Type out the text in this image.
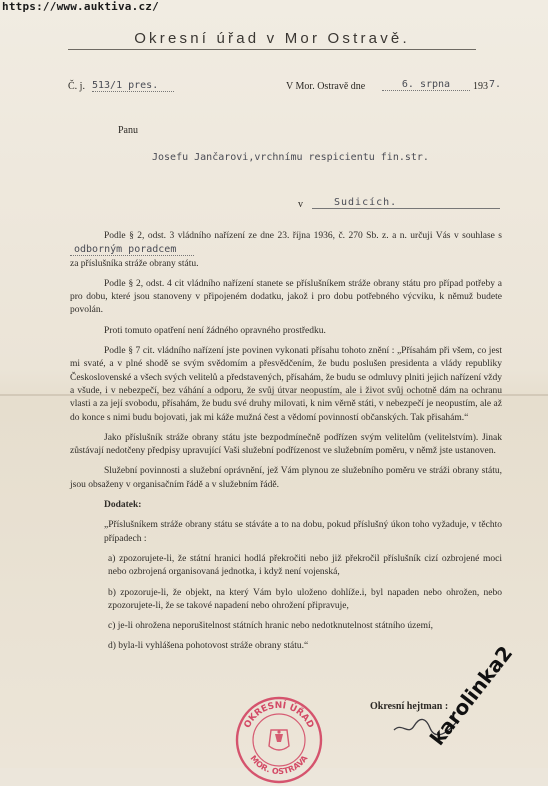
https://www.auktiva.cz/
Okresní úřad v Mor Ostravě.
Č. j. 513/1 pres.	V Mor. Ostravě dne	6. srpna	193 7.
Panu
Josefu Jančarovi,vrchnímu respicientu fin.str.
v	Sudicích.

Podle § 2, odst. 3 vládního nařízení ze dne 23. října 1936, č. 270 Sb. z. a n. určuji Vás v souhlase s odborným poradcem
za příslušníka stráže obrany státu.

Podle § 2, odst. 4 cit vládního nařízení stanete se příslušníkem stráže obrany státu pro případ potřeby a pro dobu, které jsou stanoveny v připojeném dodatku, jakož i pro dobu potřebného výcviku, k němuž budete povolán.

Proti tomuto opatření není žádného opravného prostředku.

Podle § 7 cit. vládního nařízení jste povinen vykonati přísahu tohoto znění : „Přísahám při všem, co jest mi svaté, a v plné shodě se svým svědomím a přesvědčením, že budu poslušen presidenta a vlády republiky Československé a všech svých velitelů a představených, přísahám, že budu se odmluvy plniti jejich nařízení vždy a všude, i v nebezpečí, bez váhání a odporu, že svůj útvar neopustím, ale i život svůj ochotně dám na ochranu vlasti a za její svobodu, přísahám, že budu své druhy milovati, k nim věrně státi, v nebezpečí je neopustím, ale až do konce s nimi budu bojovati, jak mi káže mužná čest a vědomí povinností občanských. Tak přisahám.“

Jako příslušník stráže obrany státu jste bezpodmínečně podřízen svým velitelům (velitelstvím). Jinak zůstávají nedotčeny předpisy upravující Vaši služební podřízenost ve služebním poměru, v němž jste ustanoven.

Služební povinnosti a služební oprávnění, jež Vám plynou ze služebního poměru ve stráži obrany státu, jsou obsaženy v organisačním řádě a v služebním řádě.

Dodatek:

„Příslušníkem stráže obrany státu se stáváte a to na dobu, pokud příslušný úkon toho vyžaduje, v těchto případech :

a) zpozorujete-li, že státní hranici hodlá překročiti nebo již překročil příslušník cizí ozbrojené moci nebo ozbrojená organisovaná jednotka, i když není vojenská,

b) zpozoruje-li, že objekt, na který Vám bylo uloženo dohlíže.i, byl napaden nebo ohrožen, nebo zpozorujete-li, že se takové napadení nebo ohrožení připravuje,

c) je-li ohrožena neporušitelnost státních hranic nebo nedotknutelnost státního území,

d) byla-li vyhlášena pohotovost stráže obrany státu.“

Okresní hejtman :
OKRESNÍ ÚŘAD
MOR. OSTRAVA
karolinka2
